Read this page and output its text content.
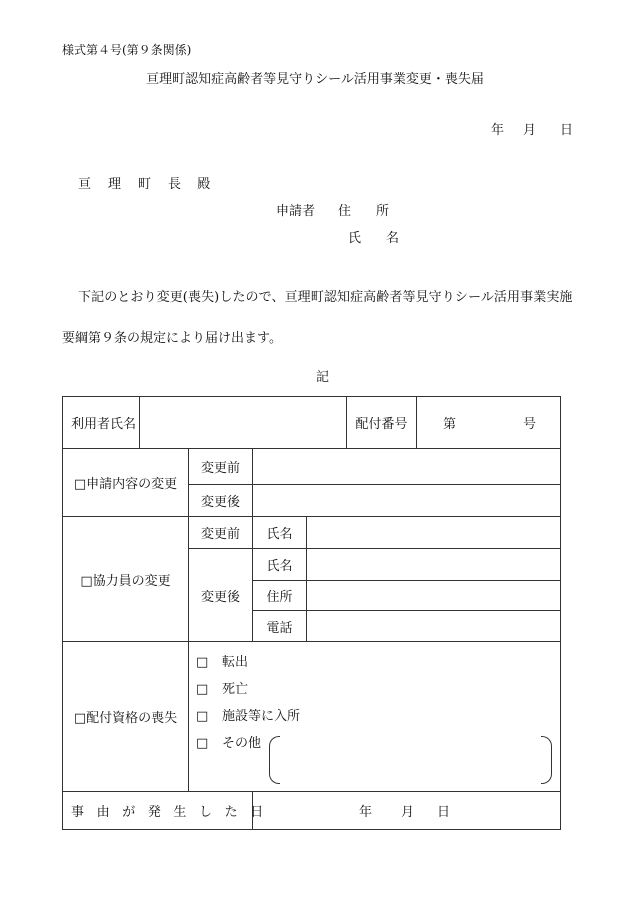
様式第４号(第９条関係)
亘理町認知症高齢者等見守りシール活用事業変更・喪失届
年 月 日
亘 理 町 長 殿
申請者 住 所
氏 名
下記のとおり変更(喪失)したので、亘理町認知症高齢者等見守りシール活用事業実施
要綱第９条の規定により届け出ます。
記
利用者氏名					配付番号	第 号
□申請内容の変更		変更前				
		変更後				
□協力員の変更		変更前	氏名			
		変更後	氏名			
			住所			
			電話			
□配付資格の喪失		□ 転出
□ 死亡
□ 施設等に入所
□ その他				

事由が発生した日			年 月 日			
